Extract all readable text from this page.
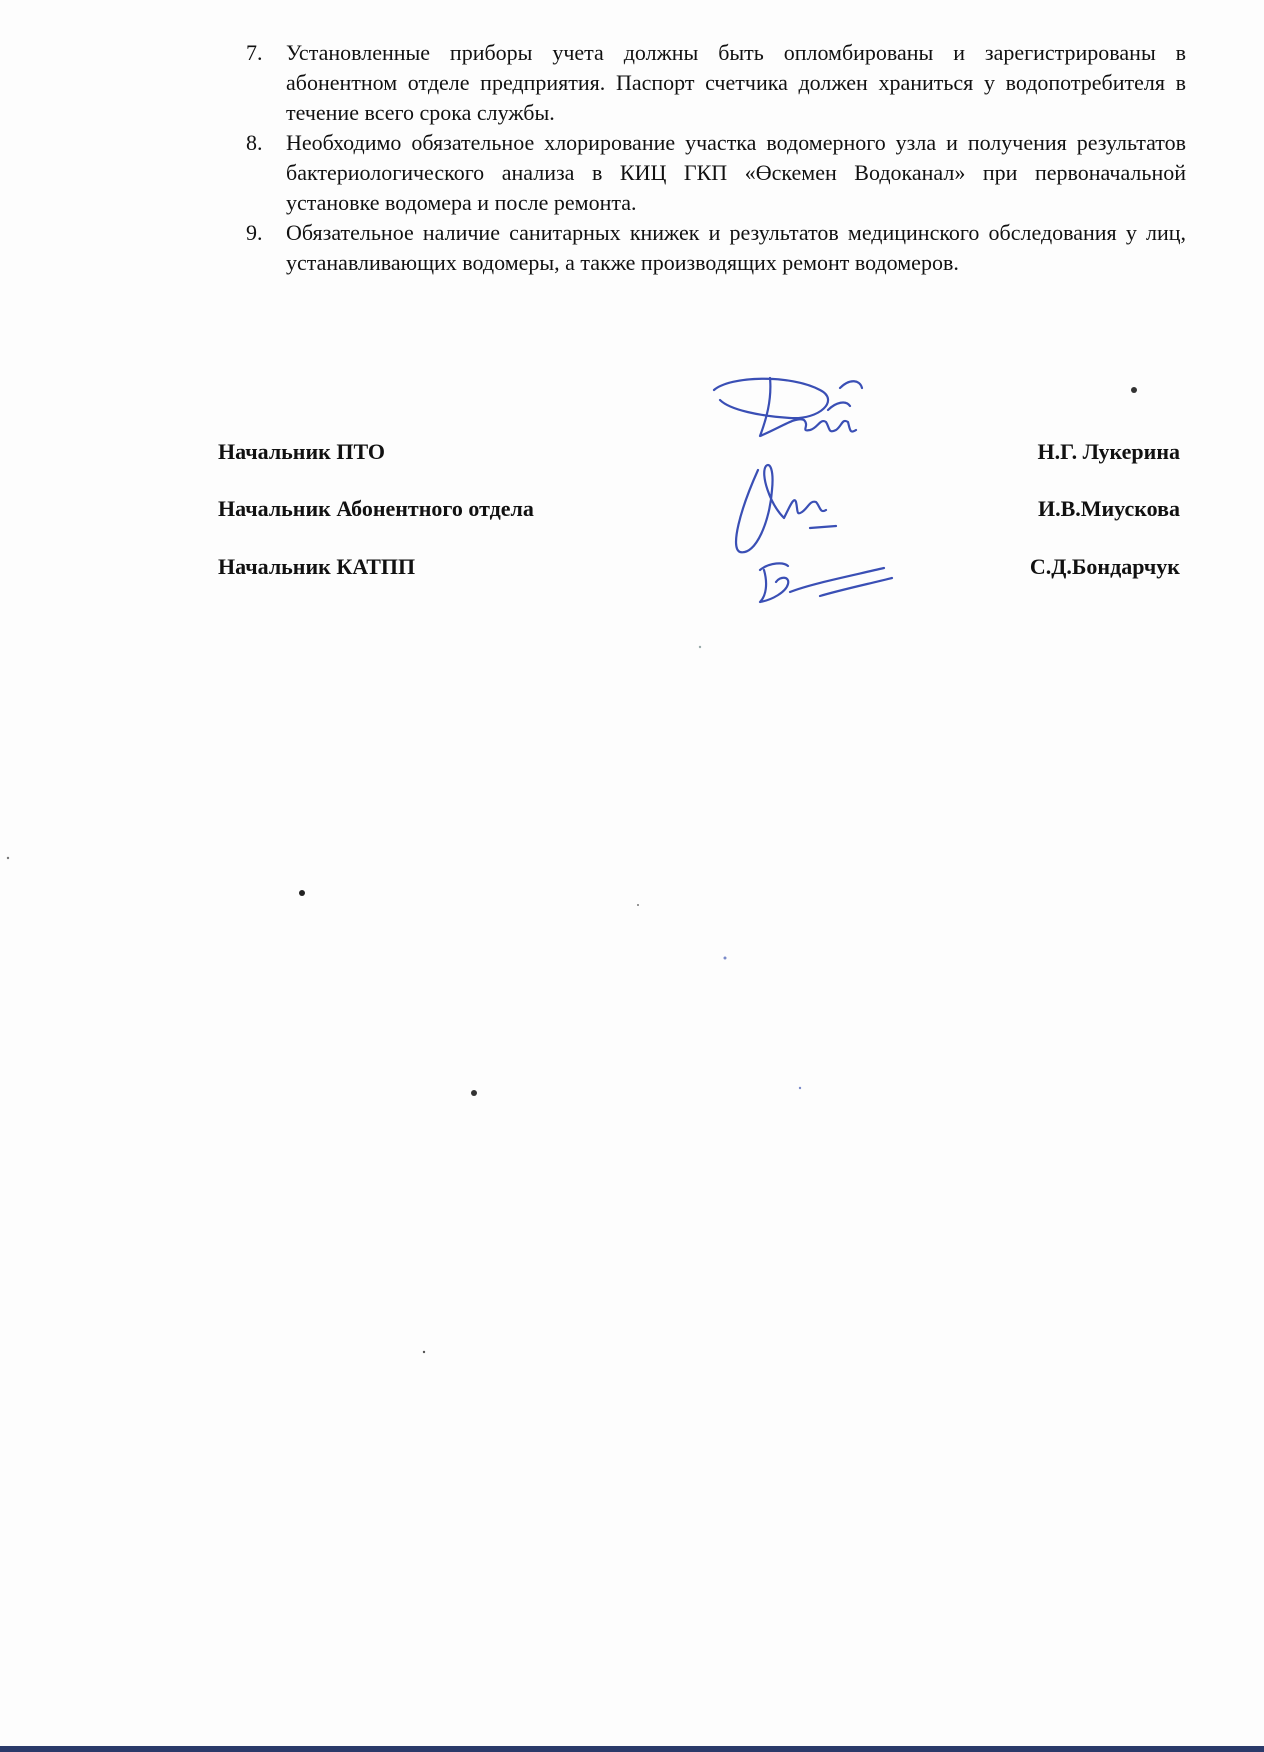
7.	Установленные приборы учета должны быть опломбированы и зарегистрированы в абонентном отделе предприятия. Паспорт счетчика должен храниться у водопотребителя в течение всего срока службы.
8.	Необходимо обязательное хлорирование участка водомерного узла и получения результатов бактериологического анализа в КИЦ ГКП «Өскемен Водоканал» при первоначальной установке водомера и после ремонта.
9.	Обязательное наличие санитарных книжек и результатов медицинского обследования у лиц, устанавливающих водомеры, а также производящих ремонт водомеров.
Начальник ПТО	Н.Г. Лукерина
Начальник Абонентного отдела	И.В.Миускова
Начальник КАТПП	С.Д.Бондарчук
